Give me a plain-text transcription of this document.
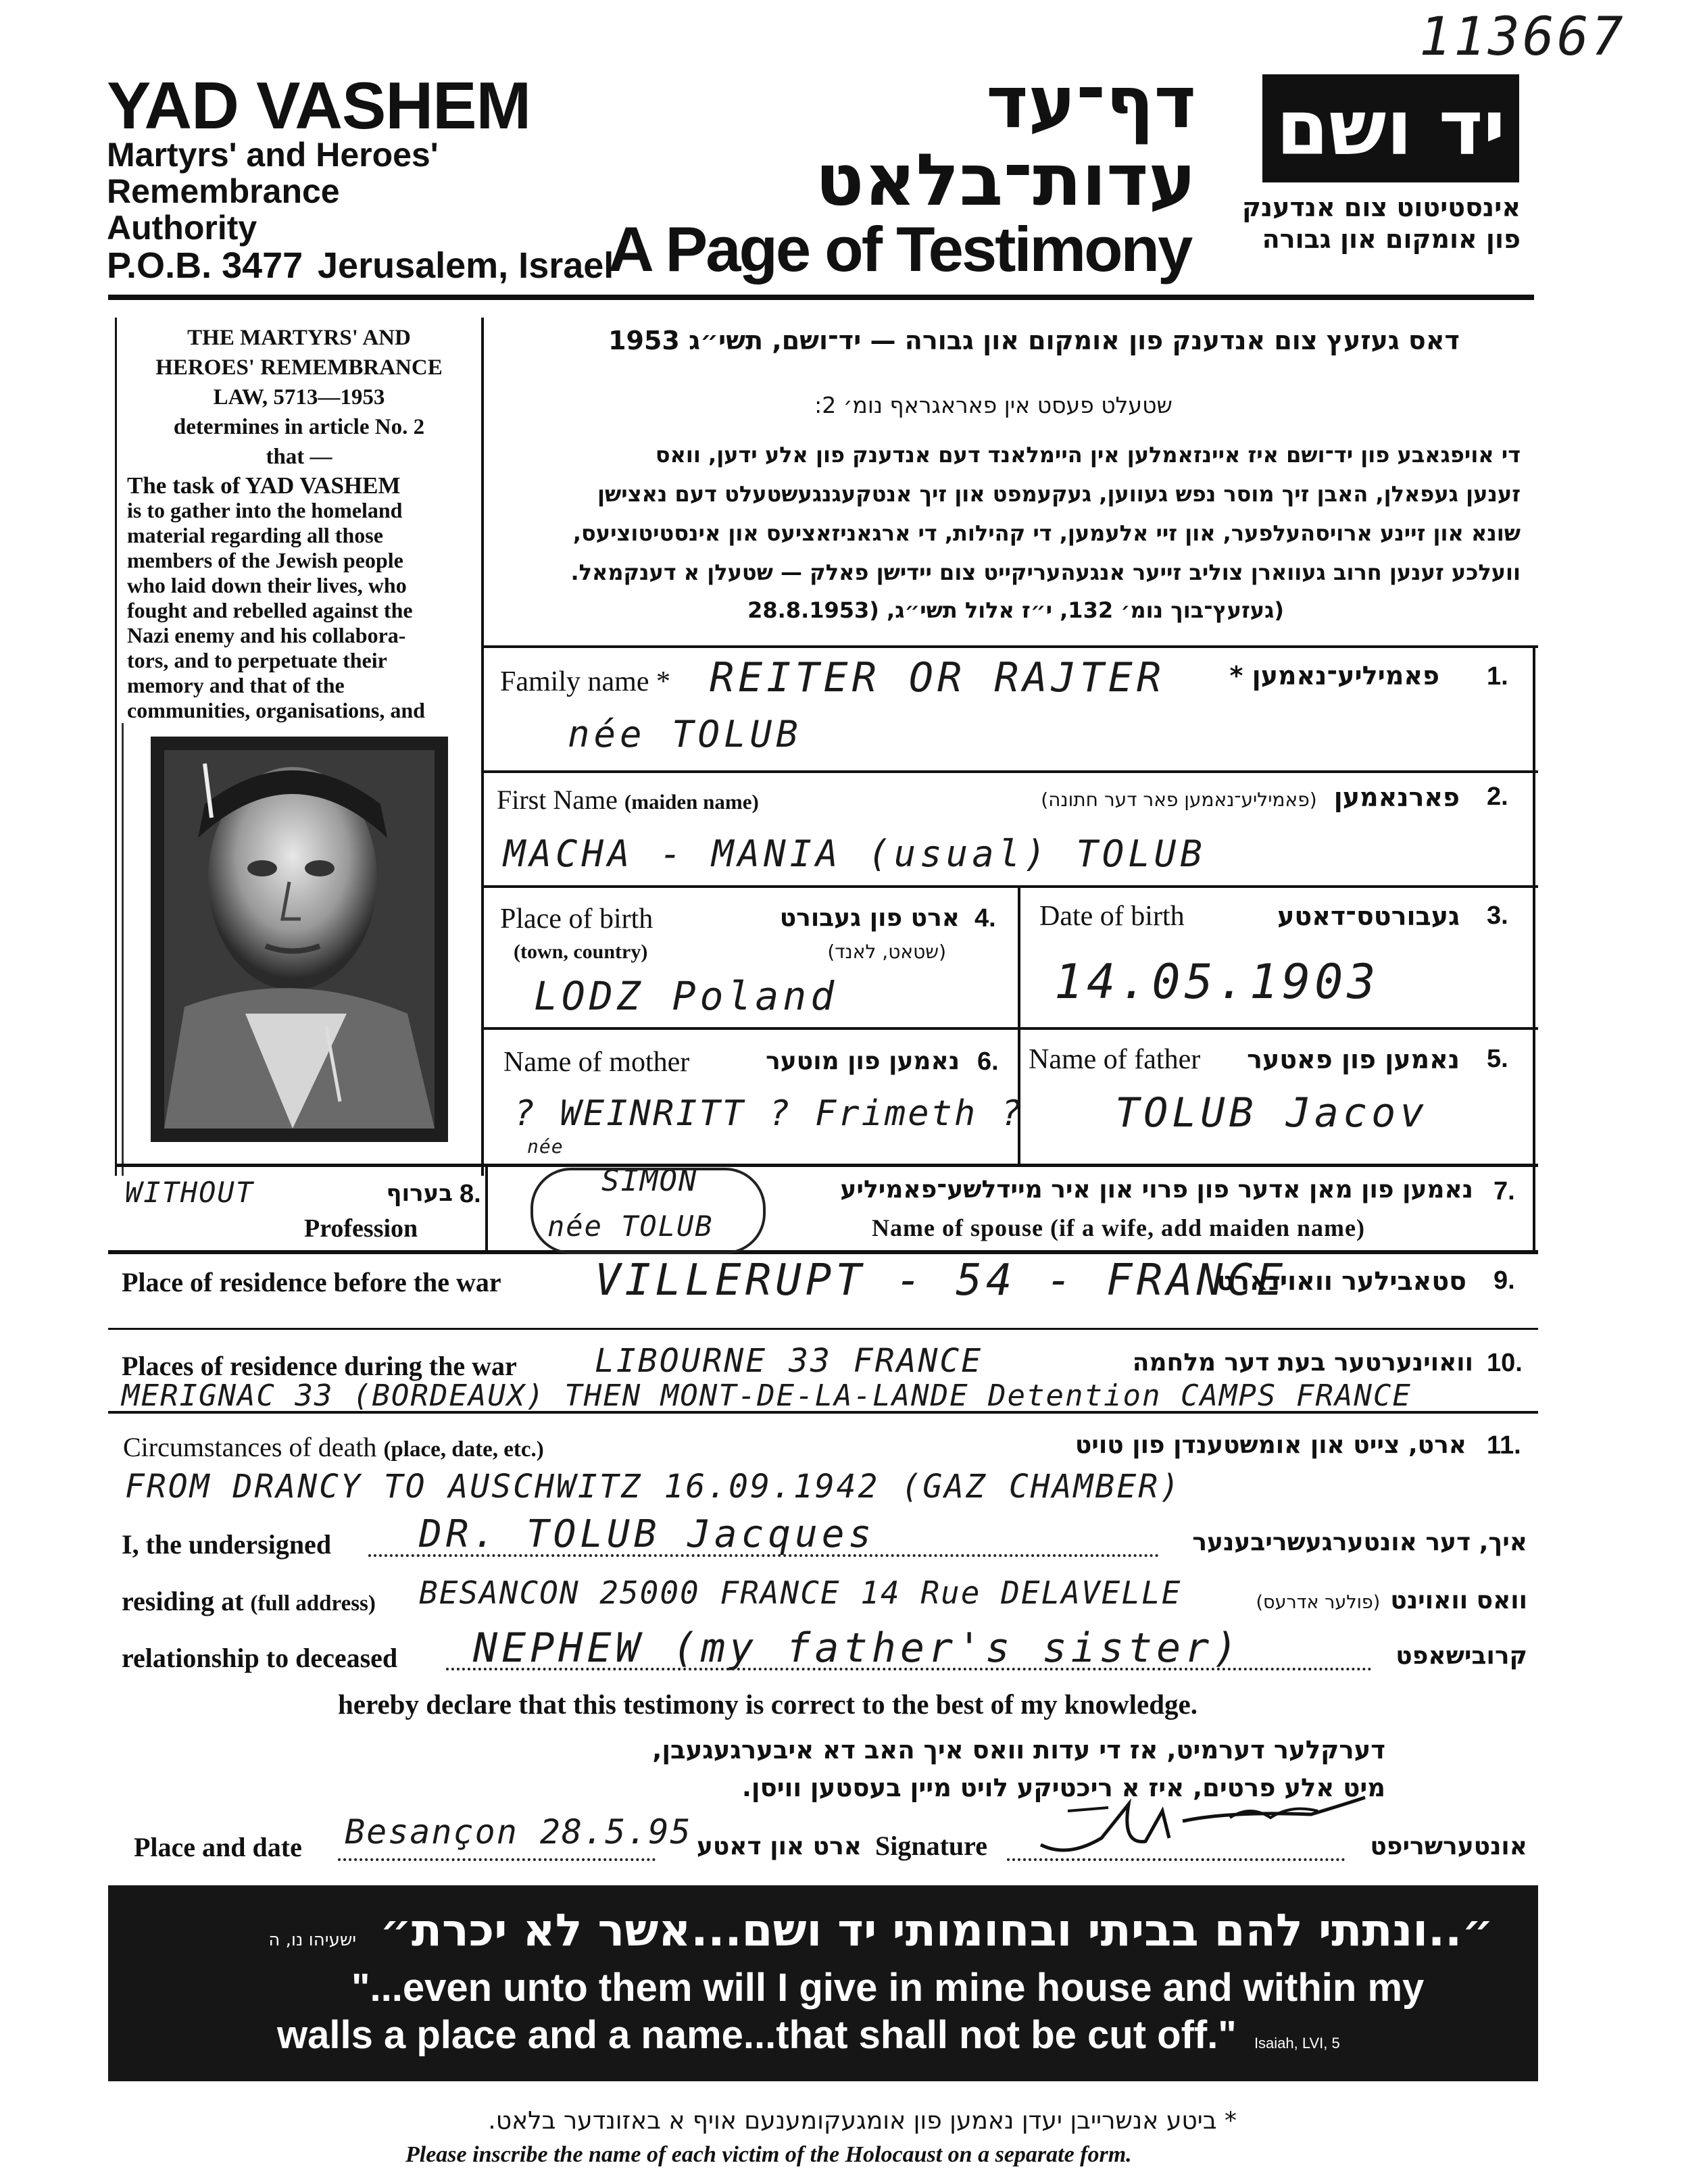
113667
YAD VASHEM
Martyrs' and Heroes'
Remembrance
Authority
P.O.B. 3477 Jerusalem, Israel
דף־עד
עדות־בלאט
A Page of Testimony
יד ושם
אינסטיטוט צום אנדענק
פון אומקום און גבורה
THE MARTYRS' AND
HEROES' REMEMBRANCE
LAW, 5713—1953
determines in article No. 2
that —
The task of YAD VASHEM
is to gather into the homeland
material regarding all those
members of the Jewish people
who laid down their lives, who
fought and rebelled against the
Nazi enemy and his collabora-
tors, and to perpetuate their
memory and that of the
communities, organisations, and
דאס געזעץ צום אנדענק פון אומקום און גבורה — יד־ושם, תשי״ג 1953
שטעלט פעסט אין פאראגראף נומ׳ 2:
די אויפגאבע פון יד־ושם איז איינזאמלען אין היימלאנד דעם אנדענק פון אלע ידען, וואס
זענען געפאלן, האבן זיך מוסר נפש געווען, געקעמפט און זיך אנטקעגנגעשטעלט דעם נאצישן
שונא און זיינע ארויסהעלפער, און זיי אלעמען, די קהילות, די ארגאניזאציעס און אינסטיטוציעס,
וועלכע זענען חרוב געווארן צוליב זייער אנגעהעריקייט צום יידישן פאלק — שטעלן א דענקמאל.
(געזעץ־בוך נומ׳ 132, י״ז אלול תשי״ג, (28.8.1953
Family name *	פאמיליע־נאמען * 1.
REITER OR RAJTER
née TOLUB
First Name (maiden name)	פארנאמען (פאמיליע־נאמען פאר דער חתונה)	2.
MACHA - MANIA (usual) TOLUB
Place of birth
(town, country)
ארט פון געבורט
(שטאט, לאנד)
4.
LODZ Poland
Date of birth	געבורטס־דאטע 3.
14.05.1903
Name of mother	נאמען פון מוטער 6.
? WEINRITT ? Frimeth ?
née
Name of father	נאמען פון פאטער 5.
TOLUB Jacov
WITHOUT	בערוף 8.
Profession
SIMON
née TOLUB
נאמען פון מאן אדער פון פרוי און איר מיידלשע־פאמיליע 7.
Name of spouse (if a wife, add maiden name)
Place of residence before the war VILLERUPT - 54 - FRANCE
סטאבילער וואוינארט 9.
Places of residence during the war LIBOURNE 33 FRANCE	וואוינערטער בעת דער מלחמה 10.
MERIGNAC 33 (BORDEAUX) THEN MONT-DE-LA-LANDE Detention CAMPS FRANCE
Circumstances of death (place, date, etc.)	ארט, צייט און אומשטענדן פון טויט 11.
FROM DRANCY TO AUSCHWITZ 16.09.1942 (GAZ CHAMBER)
I, the undersigned DR. TOLUB Jacques	איך, דער אונטערגעשריבענער
residing at (full address) BESANCON 25000 FRANCE 14 Rue DELAVELLE	וואס וואוינט (פולער אדרעס)
relationship to deceased NEPHEW (my father's sister)	קרובישאפט
hereby declare that this testimony is correct to the best of my knowledge.
דערקלער דערמיט, אז די עדות וואס איך האב דא איבערגעגעבן,
מיט אלע פרטים, איז א ריכטיקע לויט מיין בעסטען וויסן.
Place and date Besançon 28.5.95 ארט און דאטע Signature	אונטערשריפט
״..ונתתי להם בביתי ובחומותי יד ושם...אשר לא יכרת״ ישעיהו נו, ה
"...even unto them will I give in mine house and within my
walls a place and a name...that shall not be cut off." Isaiah, LVI, 5
* ביטע אנשרייבן יעדן נאמען פון אומגעקומענעם אויף א באזונדער בלאט.
Please inscribe the name of each victim of the Holocaust on a separate form.
